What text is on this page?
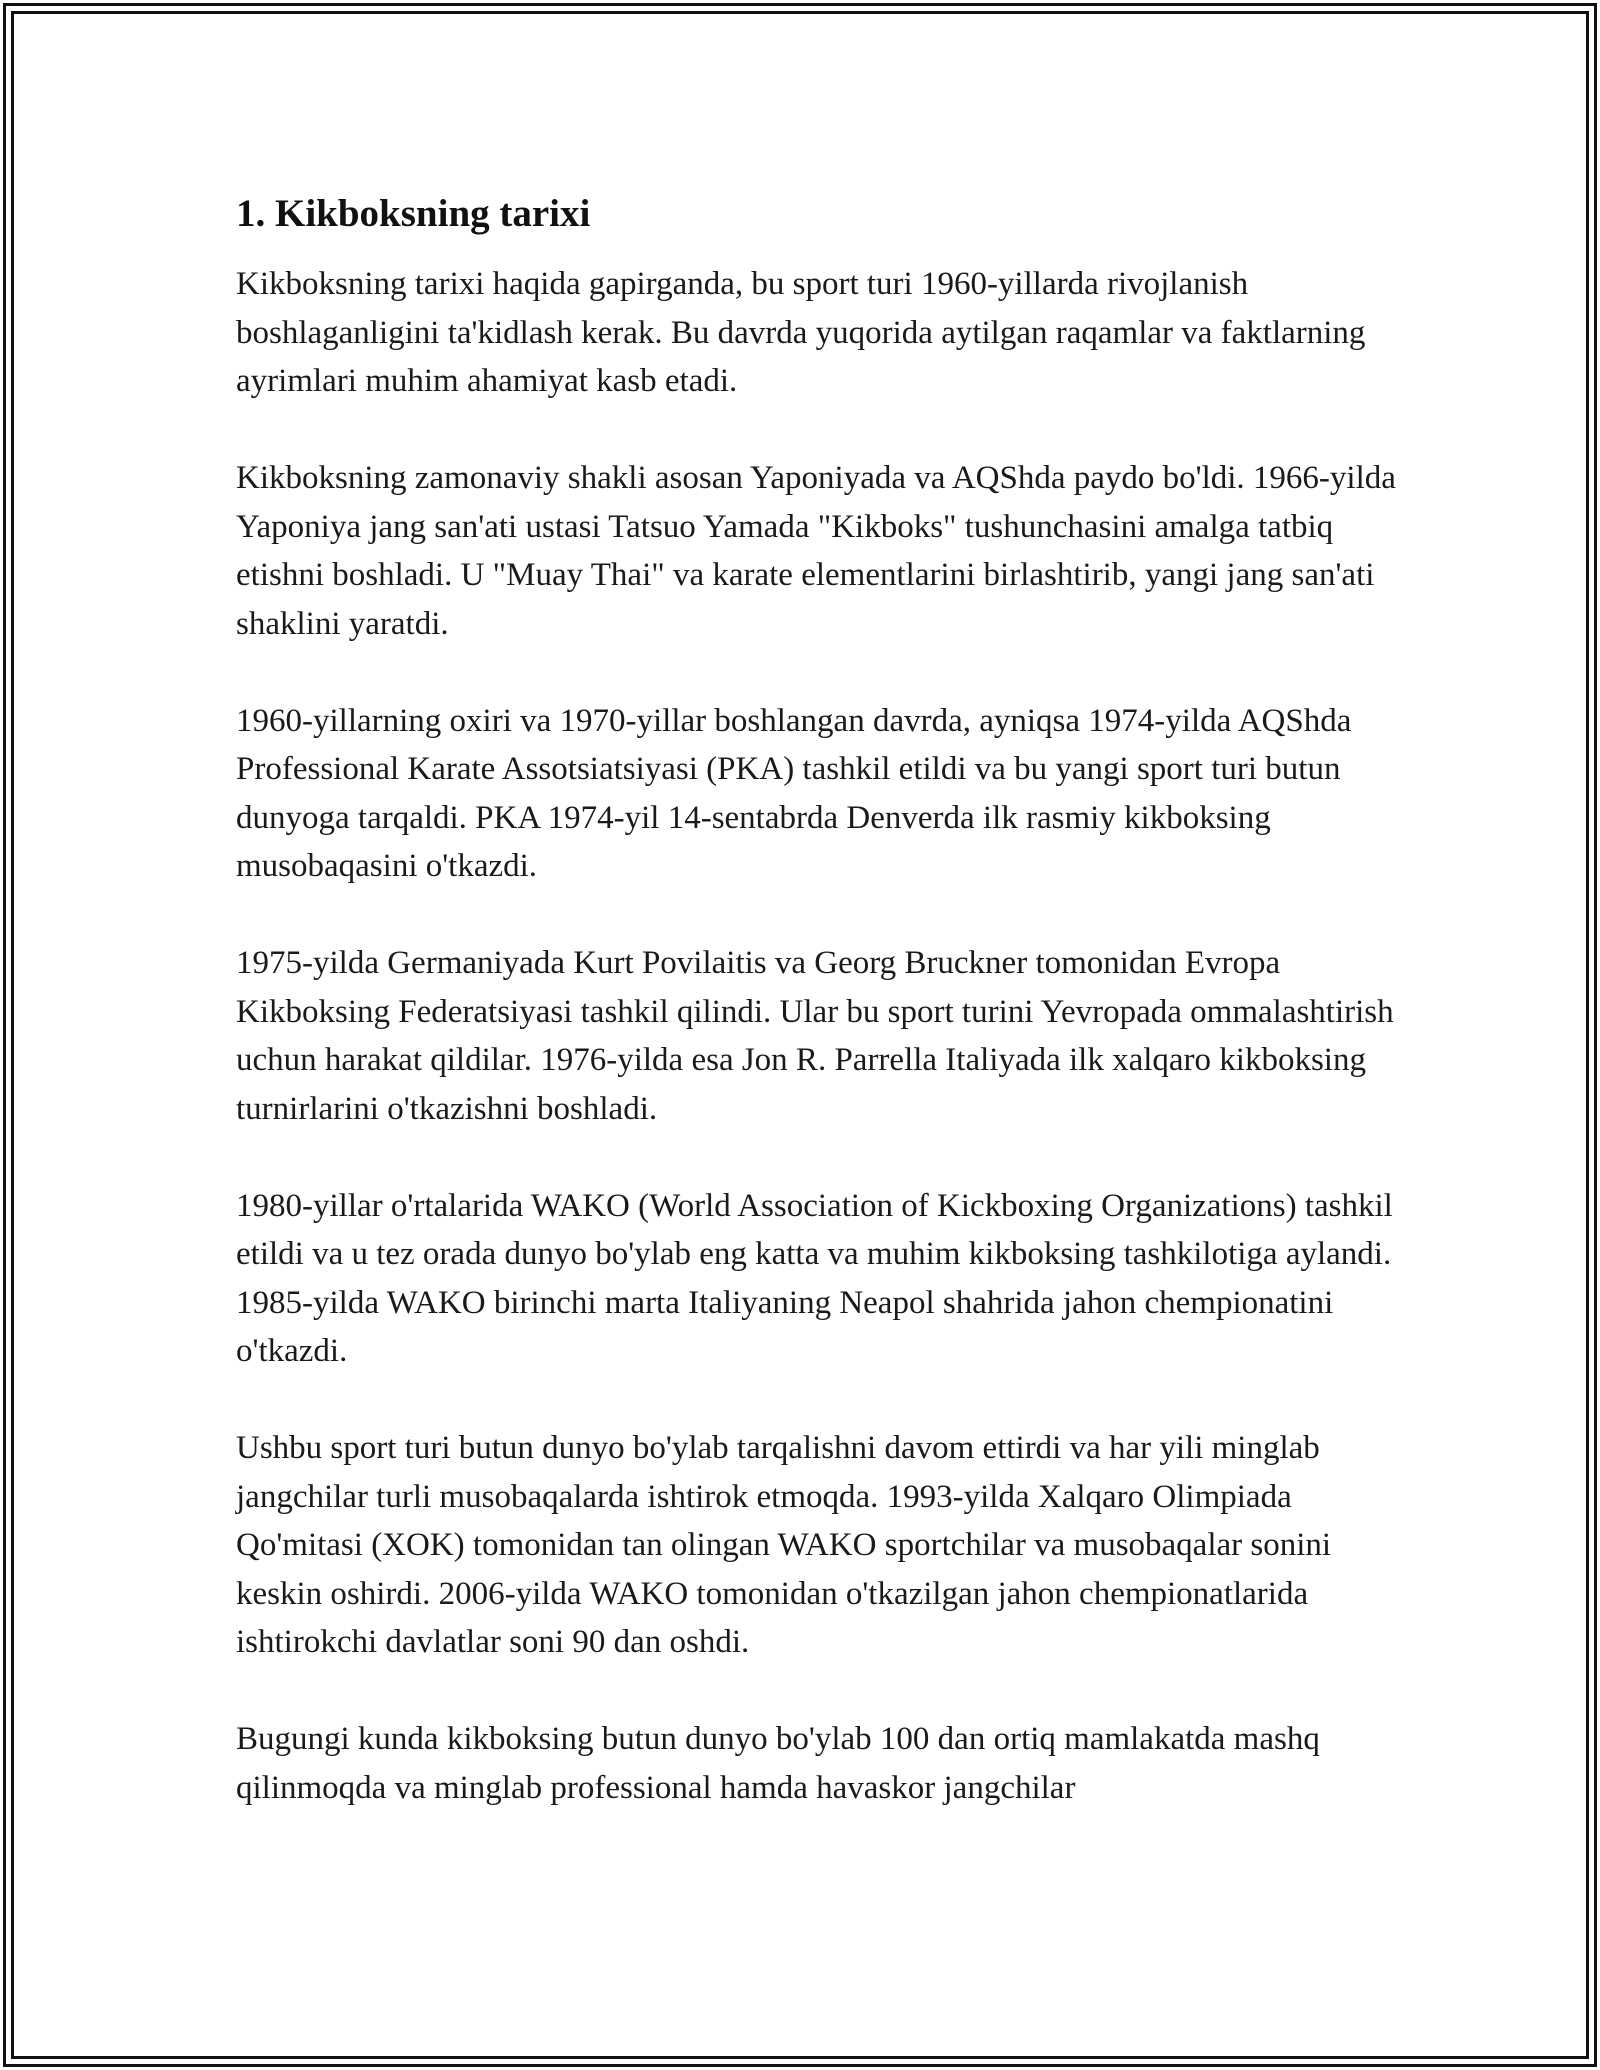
1. Kikboksning tarixi

Kikboksning tarixi haqida gapirganda, bu sport turi 1960-yillarda rivojlanish boshlaganligini ta'kidlash kerak. Bu davrda yuqorida aytilgan raqamlar va faktlarning ayrimlari muhim ahamiyat kasb etadi.

Kikboksning zamonaviy shakli asosan Yaponiyada va AQShda paydo bo'ldi. 1966-yilda Yaponiya jang san'ati ustasi Tatsuo Yamada "Kikboks" tushunchasini amalga tatbiq etishni boshladi. U "Muay Thai" va karate elementlarini birlashtirib, yangi jang san'ati shaklini yaratdi.

1960-yillarning oxiri va 1970-yillar boshlangan davrda, ayniqsa 1974-yilda AQShda Professional Karate Assotsiatsiyasi (PKA) tashkil etildi va bu yangi sport turi butun dunyoga tarqaldi. PKA 1974-yil 14-sentabrda Denverda ilk rasmiy kikboksing musobaqasini o'tkazdi.

1975-yilda Germaniyada Kurt Povilaitis va Georg Bruckner tomonidan Evropa Kikboksing Federatsiyasi tashkil qilindi. Ular bu sport turini Yevropada ommalashtirish uchun harakat qildilar. 1976-yilda esa Jon R. Parrella Italiyada ilk xalqaro kikboksing turnirlarini o'tkazishni boshladi.

1980-yillar o'rtalarida WAKO (World Association of Kickboxing Organizations) tashkil etildi va u tez orada dunyo bo'ylab eng katta va muhim kikboksing tashkilotiga aylandi. 1985-yilda WAKO birinchi marta Italiyaning Neapol shahrida jahon chempionatini o'tkazdi.

Ushbu sport turi butun dunyo bo'ylab tarqalishni davom ettirdi va har yili minglab jangchilar turli musobaqalarda ishtirok etmoqda. 1993-yilda Xalqaro Olimpiada Qo'mitasi (XOK) tomonidan tan olingan WAKO sportchilar va musobaqalar sonini keskin oshirdi. 2006-yilda WAKO tomonidan o'tkazilgan jahon chempionatlarida ishtirokchi davlatlar soni 90 dan oshdi.

Bugungi kunda kikboksing butun dunyo bo'ylab 100 dan ortiq mamlakatda mashq qilinmoqda va minglab professional hamda havaskor jangchilar
